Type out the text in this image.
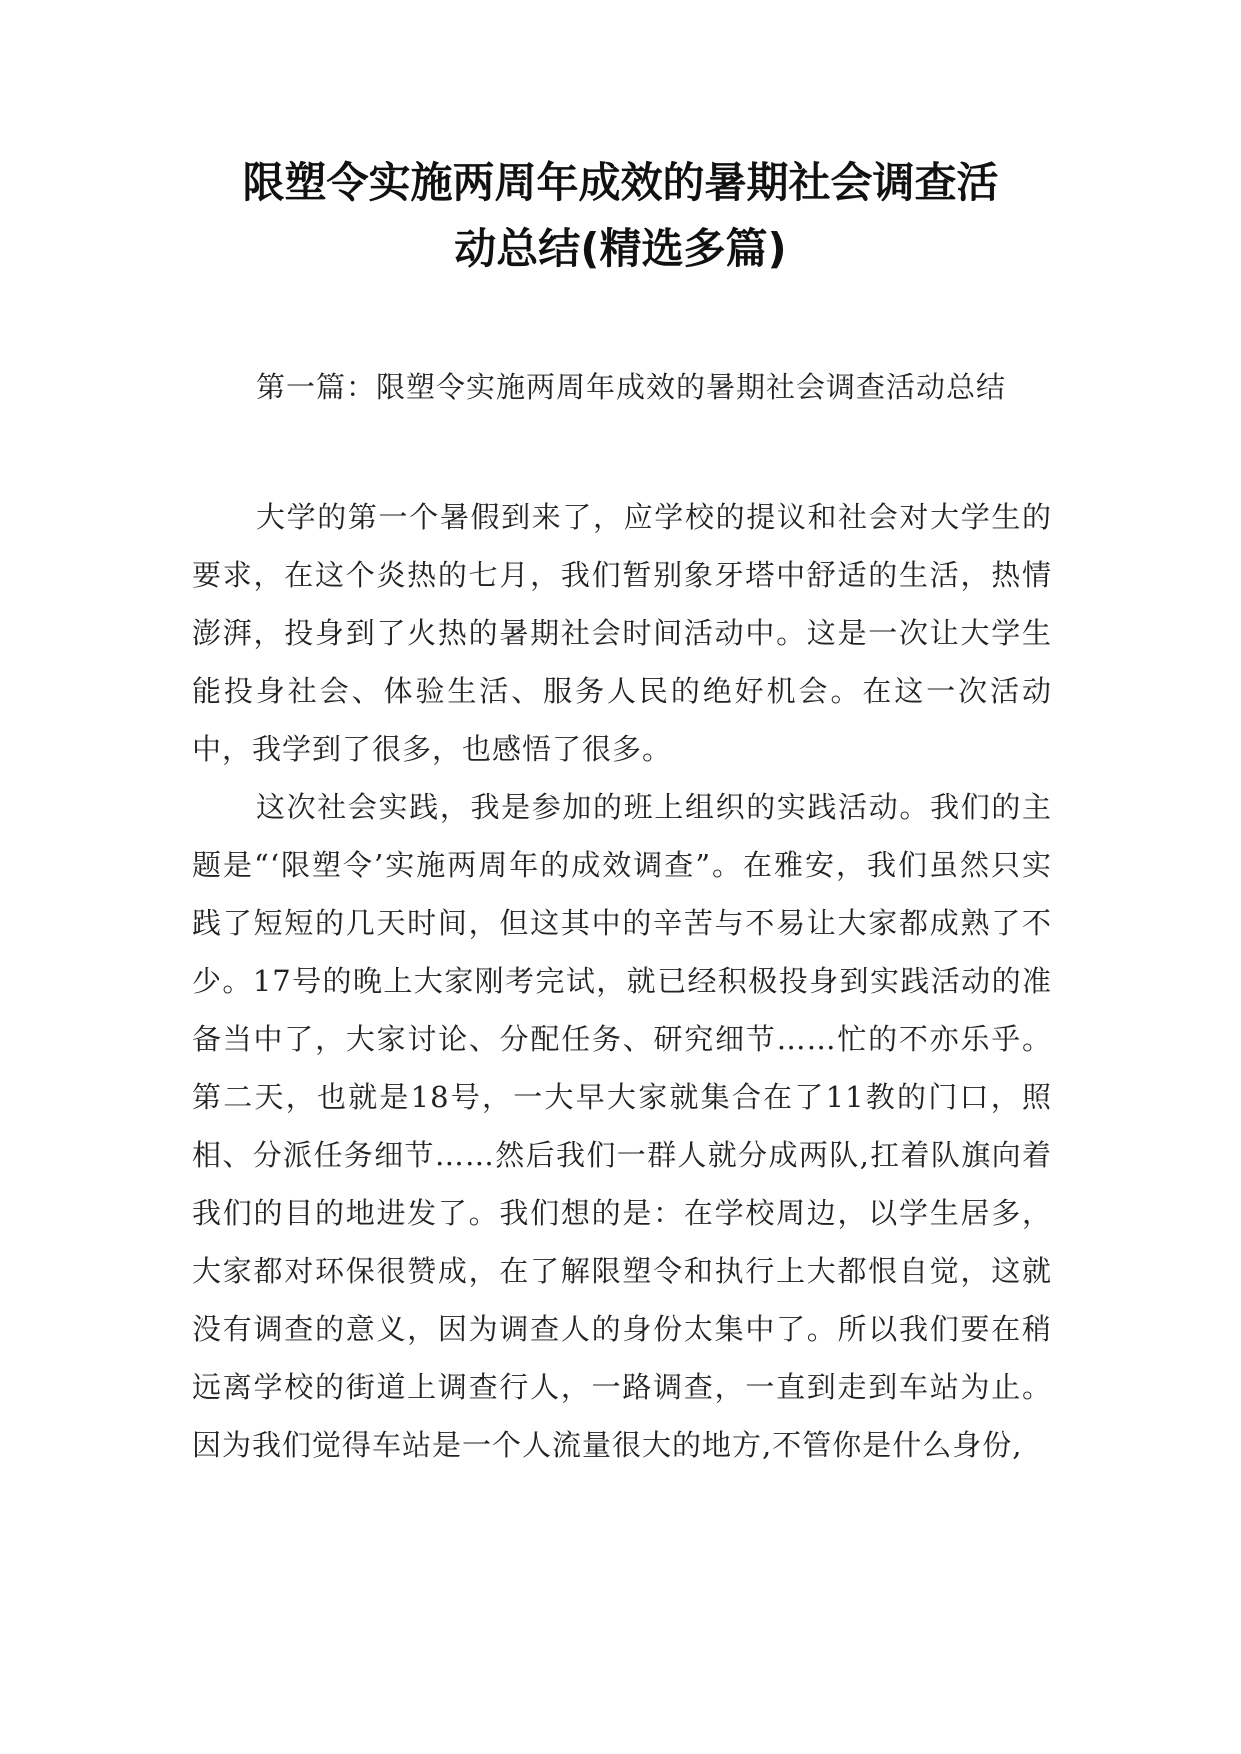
限塑令实施两周年成效的暑期社会调查活
动总结(精选多篇)

第一篇：限塑令实施两周年成效的暑期社会调查活动总结

大学的第一个暑假到来了，应学校的提议和社会对大学生的要求，在这个炎热的七月，我们暂别象牙塔中舒适的生活，热情澎湃，投身到了火热的暑期社会时间活动中。这是一次让大学生能投身社会、体验生活、服务人民的绝好机会。在这一次活动中，我学到了很多，也感悟了很多。

这次社会实践，我是参加的班上组织的实践活动。我们的主题是“‘限塑令’实施两周年的成效调查”。在雅安，我们虽然只实践了短短的几天时间，但这其中的辛苦与不易让大家都成熟了不少。17号的晚上大家刚考完试，就已经积极投身到实践活动的准备当中了，大家讨论、分配任务、研究细节……忙的不亦乐乎。第二天，也就是18号，一大早大家就集合在了11教的门口，照相、分派任务细节……然后我们一群人就分成两队,扛着队旗向着我们的目的地进发了。我们想的是：在学校周边，以学生居多，大家都对环保很赞成，在了解限塑令和执行上大都恨自觉，这就没有调查的意义，因为调查人的身份太集中了。所以我们要在稍远离学校的街道上调查行人，一路调查，一直到走到车站为止。因为我们觉得车站是一个人流量很大的地方,不管你是什么身份,
